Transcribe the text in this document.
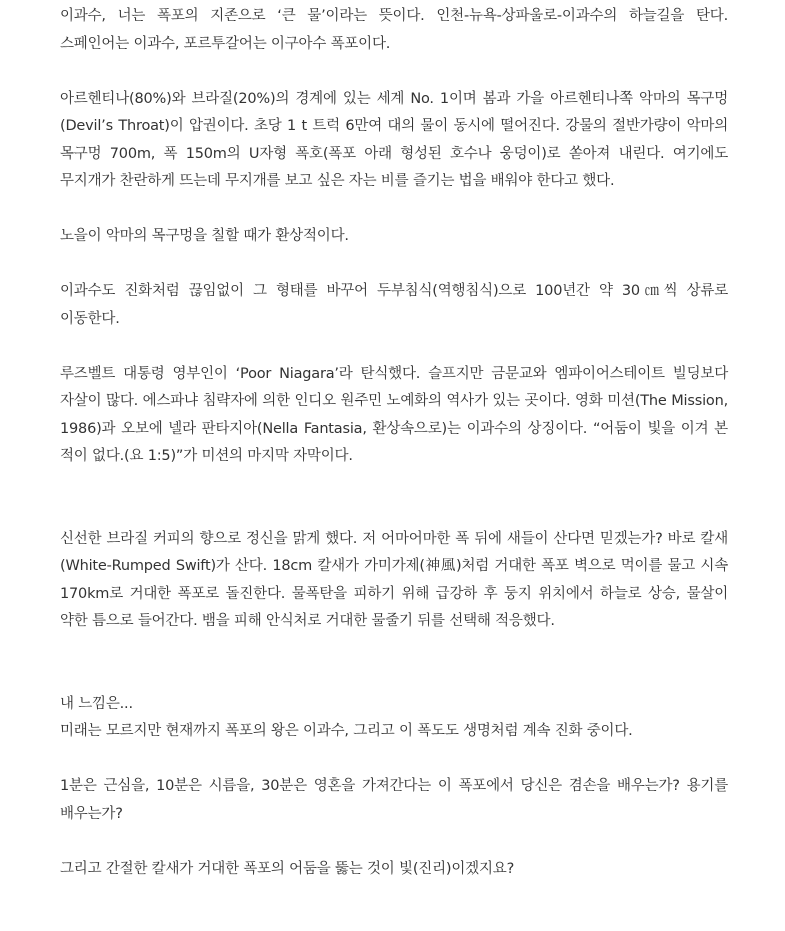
이과수, 너는 폭포의 지존으로 ‘큰 물’이라는 뜻이다. 인천-뉴욕-상파울로-이과수의 하늘길을 탄다. 스페인어는 이과수, 포르투갈어는 이구아수 폭포이다.

아르헨티나(80%)와 브라질(20%)의 경계에 있는 세계 No. 1이며 봄과 가을 아르헨티나쪽 악마의 목구멍(Devil’s Throat)이 압권이다. 초당 1 t 트럭 6만여 대의 물이 동시에 떨어진다. 강물의 절반가량이 악마의 목구멍 700m, 폭 150m의 U자형 폭호(폭포 아래 형성된 호수나 웅덩이)로 쏟아져 내린다. 여기에도 무지개가 찬란하게 뜨는데 무지개를 보고 싶은 자는 비를 즐기는 법을 배워야 한다고 했다.

노을이 악마의 목구멍을 칠할 때가 환상적이다.

이과수도 진화처럼 끊임없이 그 형태를 바꾸어 두부침식(역행침식)으로 100년간 약 30㎝씩 상류로 이동한다.

루즈벨트 대통령 영부인이 ‘Poor Niagara’라 탄식했다. 슬프지만 금문교와 엠파이어스테이트 빌딩보다 자살이 많다. 에스파냐 침략자에 의한 인디오 원주민 노예화의 역사가 있는 곳이다. 영화 미션(The Mission, 1986)과 오보에 넬라 판타지아(Nella Fantasia, 환상속으로)는 이과수의 상징이다. “어둠이 빛을 이겨 본 적이 없다.(요 1:5)”가 미션의 마지막 자막이다.

신선한 브라질 커피의 향으로 정신을 맑게 했다. 저 어마어마한 폭 뒤에 새들이 산다면 믿겠는가? 바로 칼새(White-Rumped Swift)가 산다. 18cm 칼새가 가미가제(神風)처럼 거대한 폭포 벽으로 먹이를 물고 시속 170km로 거대한 폭포로 돌진한다. 물폭탄을 피하기 위해 급강하 후 둥지 위치에서 하늘로 상승, 물살이 약한 틈으로 들어간다. 뱀을 피해 안식처로 거대한 물줄기 뒤를 선택해 적응했다.

내 느낌은...

미래는 모르지만 현재까지 폭포의 왕은 이과수, 그리고 이 폭도도 생명처럼 계속 진화 중이다.

1분은 근심을, 10분은 시름을, 30분은 영혼을 가져간다는 이 폭포에서 당신은 겸손을 배우는가? 용기를 배우는가?

그리고 간절한 칼새가 거대한 폭포의 어둠을 뚫는 것이 빛(진리)이겠지요?
